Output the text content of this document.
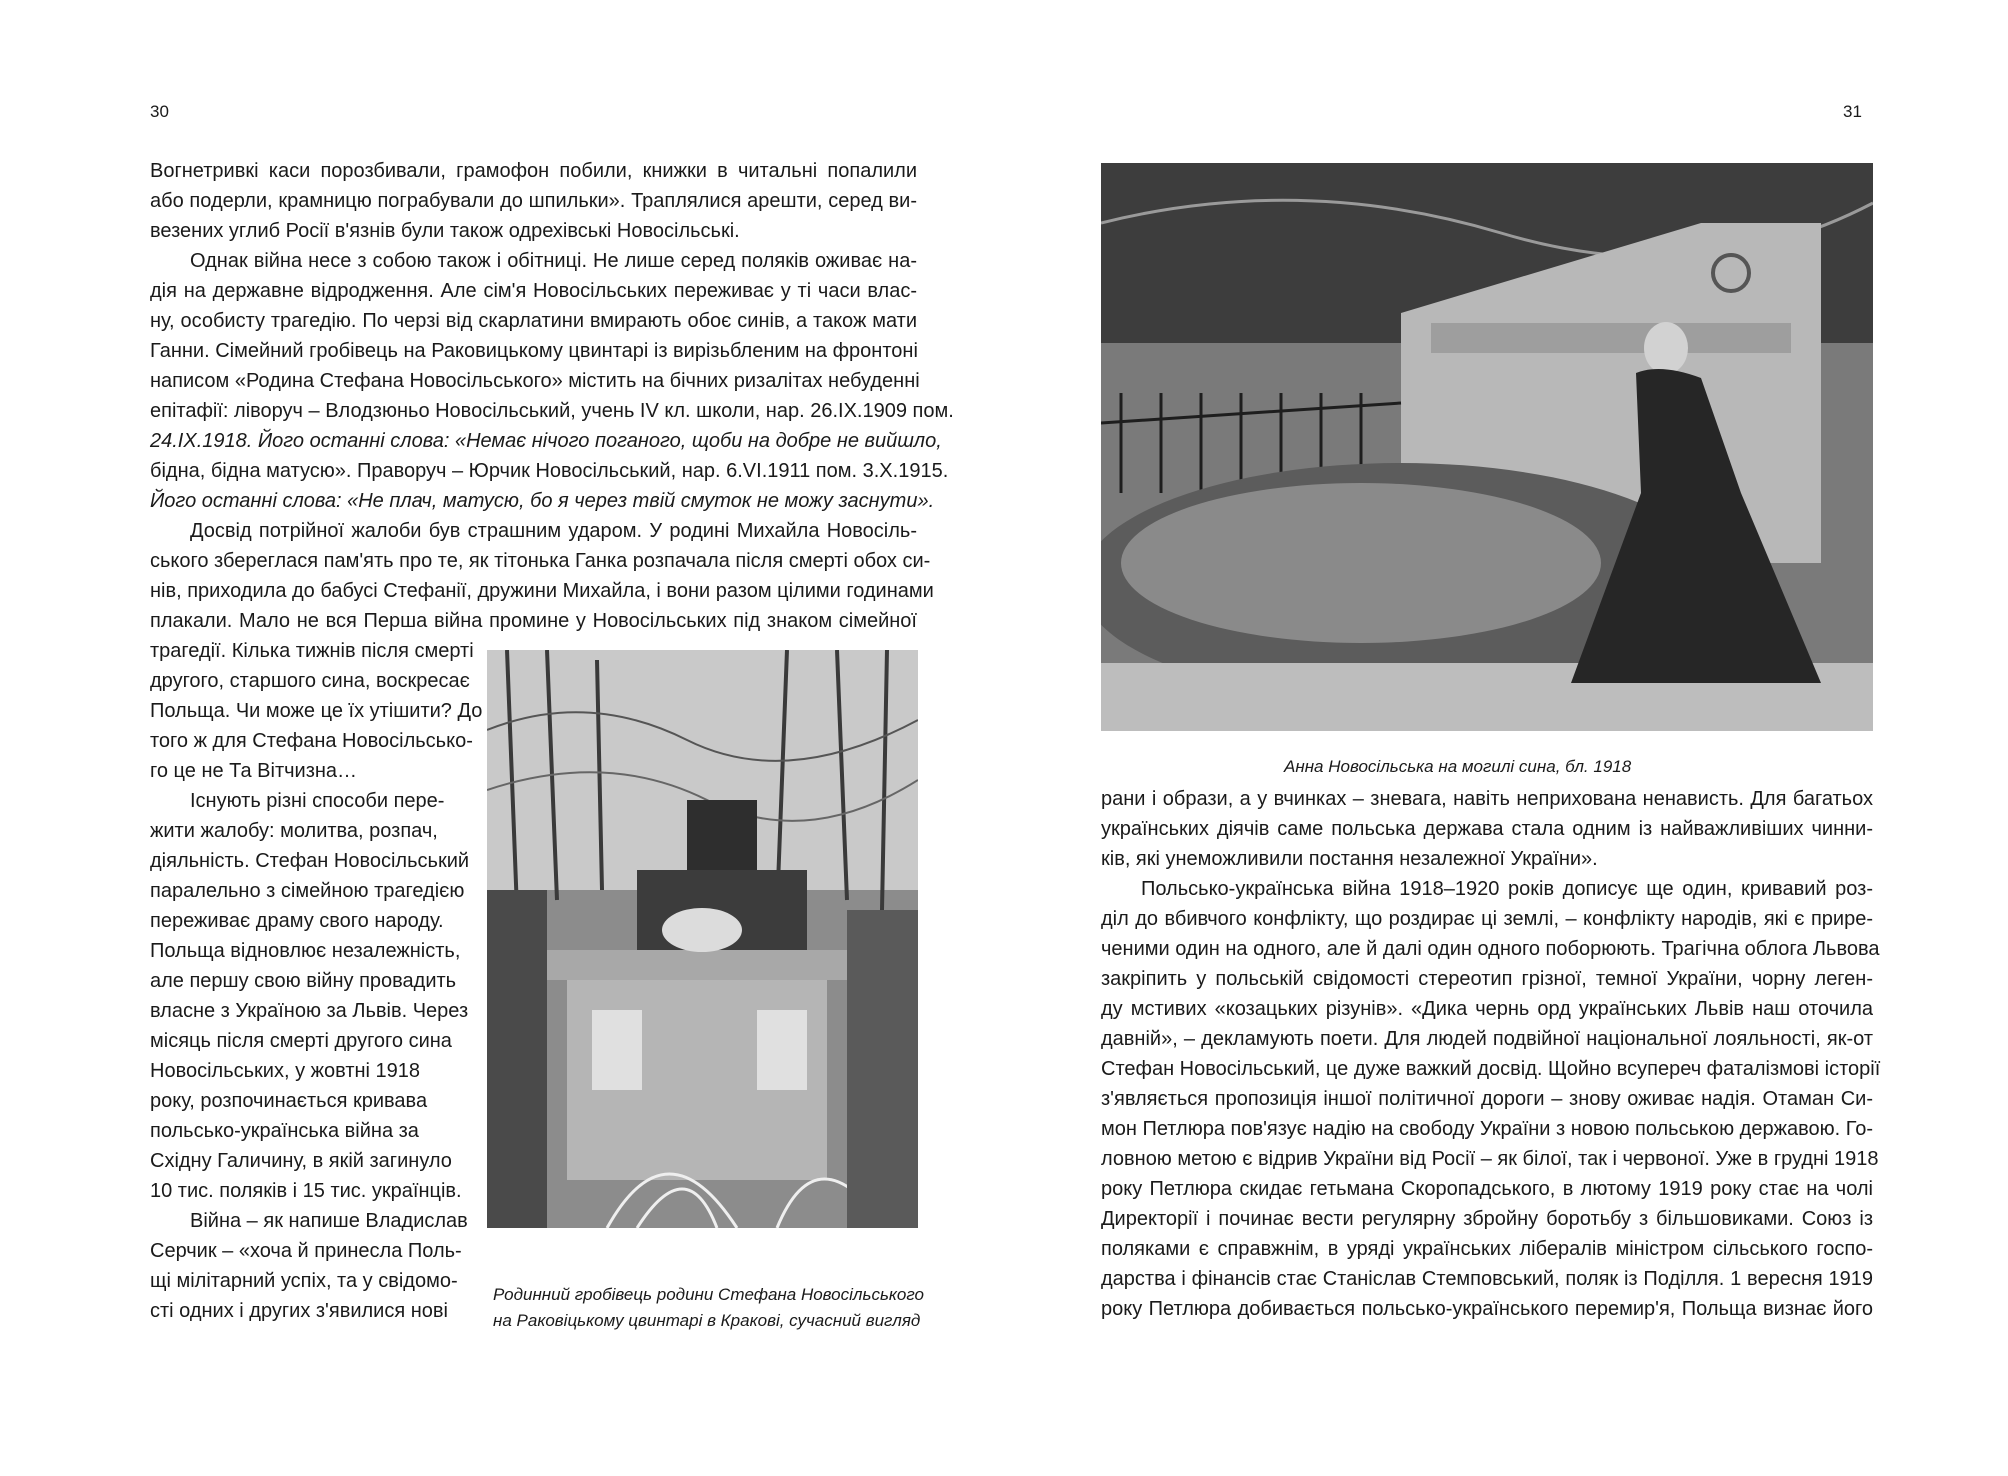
30
Вогнетривкі каси порозбивали, грамофон побили, книжки в читальні попалили
або подерли, крамницю пограбували до шпильки». Траплялися арешти, серед ви-
везених углиб Росії в'язнів були також одрехівські Новосільські.
Однак війна несе з собою також і обітниці. Не лише серед поляків оживає на-
дія на державне відродження. Але сім'я Новосільських переживає у ті часи влас-
ну, особисту трагедію. По черзі від скарлатини вмирають обоє синів, а також мати
Ганни. Сімейний гробівець на Раковицькому цвинтарі із вирізьбленим на фронтоні
написом «Родина Стефана Новосільського» містить на бічних ризалітах небуденні
епітафії: ліворуч – Влодзюньо Новосільський, учень IV кл. школи, нар. 26.IX.1909 пом.
24.IX.1918. Його останні слова: «Немає нічого поганого, щоби на добре не вийшло,
бідна, бідна матусю». Праворуч – Юрчик Новосільський, нар. 6.VI.1911 пом. 3.X.1915.
Його останні слова: «Не плач, матусю, бо я через твій смуток не можу заснути».
Досвід потрійної жалоби був страшним ударом. У родині Михайла Новосіль-
ського збереглася пам'ять про те, як тітонька Ганка розпачала після смерті обох си-
нів, приходила до бабусі Стефанії, дружини Михайла, і вони разом цілими годинами
плакали. Мало не вся Перша війна промине у Новосільських під знаком сімейної
трагедії. Кілька тижнів після смерті
другого, старшого сина, воскресає
Польща. Чи може це їх утішити? До
того ж для Стефана Новосільсько-
го це не Та Вітчизна…
Існують різні способи пере-
жити жалобу: молитва, розпач,
діяльність. Стефан Новосільський
паралельно з сімейною трагедією
переживає драму свого народу.
Польща відновлює незалежність,
але першу свою війну провадить
власне з Україною за Львів. Через
місяць після смерті другого сина
Новосільських, у жовтні 1918
року, розпочинається кривава
польсько-українська війна за
Східну Галичину, в якій загинуло
10 тис. поляків і 15 тис. українців.
Війна – як напише Владислав
Серчик – «хоча й принесла Поль-
щі мілітарний успіх, та у свідомо-
сті одних і других з'явилися нові
Родинний гробівець родини Стефана Новосільського
на Раковіцькому цвинтарі в Кракові, сучасний вигляд
31
Анна Новосільська на могилі сина, бл. 1918
рани і образи, а у вчинках – зневага, навіть неприхована ненависть. Для багатьох
українських діячів саме польська держава стала одним із найважливіших чинни-
ків, які унеможливили постання незалежної України».
Польсько-українська війна 1918–1920 років дописує ще один, кривавий роз-
діл до вбивчого конфлікту, що роздирає ці землі, – конфлікту народів, які є прире-
ченими один на одного, але й далі один одного поборюють. Трагічна облога Львова
закріпить у польській свідомості стереотип грізної, темної України, чорну леген-
ду мстивих «козацьких різунів». «Дика чернь орд українських Львів наш оточила
давній», – декламують поети. Для людей подвійної національної лояльності, як-от
Стефан Новосільський, це дуже важкий досвід. Щойно всупереч фаталізмові історії
з'являється пропозиція іншої політичної дороги – знову оживає надія. Отаман Си-
мон Петлюра пов'язує надію на свободу України з новою польською державою. Го-
ловною метою є відрив України від Росії – як білої, так і червоної. Уже в грудні 1918
року Петлюра скидає гетьмана Скоропадського, в лютому 1919 року стає на чолі
Директорії і починає вести регулярну збройну боротьбу з більшовиками. Союз із
поляками є справжнім, в уряді українських лібералів міністром сільського госпо-
дарства і фінансів стає Станіслав Стемповський, поляк із Поділля. 1 вересня 1919
року Петлюра добивається польсько-українського перемир'я, Польща визнає його
